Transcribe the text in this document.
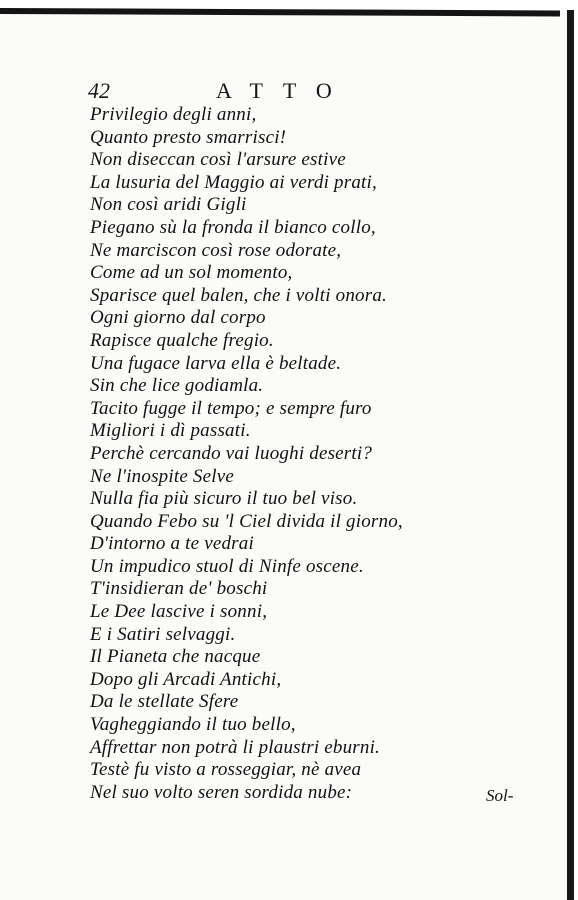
42	ATTO
Privilegio degli anni,
Quanto presto smarrisci!
Non diseccan così l'arsure estive
La lusuria del Maggio ai verdi prati,
Non così aridi Gigli
Piegano sù la fronda il bianco collo,
Ne marciscon così rose odorate,
Come ad un sol momento,
Sparisce quel balen, che i volti onora.
Ogni giorno dal corpo
Rapisce qualche fregio.
Una fugace larva ella è beltade.
Sin che lice godiamla.
Tacito fugge il tempo; e sempre furo
Migliori i dì passati.
Perchè cercando vai luoghi deserti?
Ne l'inospite Selve
Nulla fia più sicuro il tuo bel viso.
Quando Febo su 'l Ciel divida il giorno,
D'intorno a te vedrai
Un impudico stuol di Ninfe oscene.
T'insidieran de' boschi
Le Dee lascive i sonni,
E i Satiri selvaggi.
Il Pianeta che nacque
Dopo gli Arcadi Antichi,
Da le stellate Sfere
Vagheggiando il tuo bello,
Affrettar non potrà li plaustri eburni.
Testè fu visto a rosseggiar, nè avea
Nel suo volto seren sordida nube:	Sol-
